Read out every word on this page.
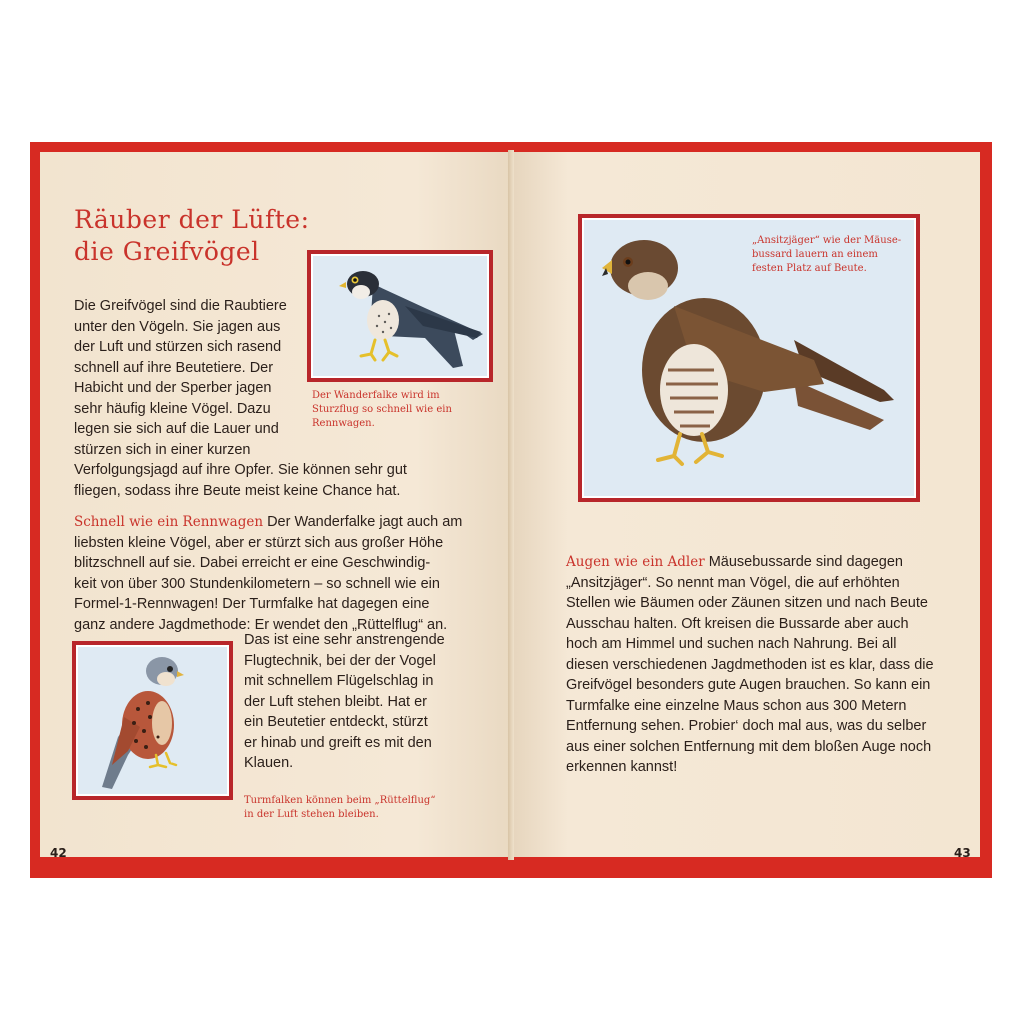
Räuber der Lüfte:
die Greifvögel
Die Greifvögel sind die Raubtiere
unter den Vögeln. Sie jagen aus
der Luft und stürzen sich rasend
schnell auf ihre Beutetiere. Der
Habicht und der Sperber jagen
sehr häufig kleine Vögel. Dazu
legen sie sich auf die Lauer und
stürzen sich in einer kurzen
Verfolgungsjagd auf ihre Opfer. Sie können sehr gut
fliegen, sodass ihre Beute meist keine Chance hat.
Der Wanderfalke wird im
Sturzflug so schnell wie ein
Rennwagen.
Schnell wie ein Rennwagen Der Wanderfalke jagt auch am
liebsten kleine Vögel, aber er stürzt sich aus großer Höhe
blitzschnell auf sie. Dabei erreicht er eine Geschwindig-
keit von über 300 Stundenkilometern – so schnell wie ein
Formel-1-Rennwagen! Der Turmfalke hat dagegen eine
ganz andere Jagdmethode: Er wendet den „Rüttelflug“ an.
Das ist eine sehr anstrengende
Flugtechnik, bei der der Vogel
mit schnellem Flügelschlag in
der Luft stehen bleibt. Hat er
ein Beutetier entdeckt, stürzt
er hinab und greift es mit den
Klauen.
Turmfalken können beim „Rüttelflug“
in der Luft stehen bleiben.
42
„Ansitzjäger“ wie der Mäuse-
bussard lauern an einem
festen Platz auf Beute.
Augen wie ein Adler Mäusebussarde sind dagegen
„Ansitzjäger“. So nennt man Vögel, die auf erhöhten
Stellen wie Bäumen oder Zäunen sitzen und nach Beute
Ausschau halten. Oft kreisen die Bussarde aber auch
hoch am Himmel und suchen nach Nahrung. Bei all
diesen verschiedenen Jagdmethoden ist es klar, dass die
Greifvögel besonders gute Augen brauchen. So kann ein
Turmfalke eine einzelne Maus schon aus 300 Metern
Entfernung sehen. Probier‘ doch mal aus, was du selber
aus einer solchen Entfernung mit dem bloßen Auge noch
erkennen kannst!
43
